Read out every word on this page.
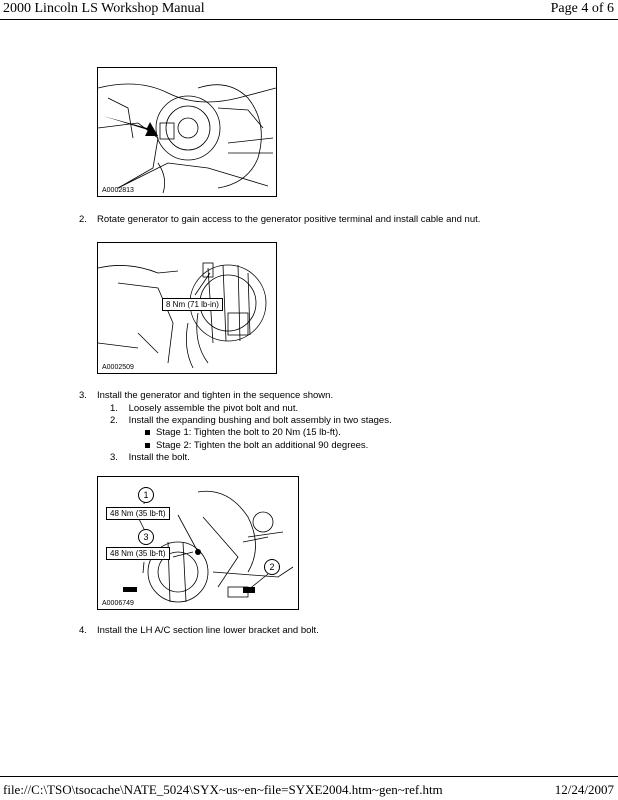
2000 Lincoln LS Workshop Manual	Page 4 of 6
A0002813
2. Rotate generator to gain access to the generator positive terminal and install cable and nut.
8 Nm (71 lb-in)
A0002509
3. Install the generator and tighten in the sequence shown.
1. Loosely assemble the pivot bolt and nut.
2. Install the expanding bushing and bolt assembly in two stages.
Stage 1: Tighten the bolt to 20 Nm (15 lb-ft).
Stage 2: Tighten the bolt an additional 90 degrees.
3. Install the bolt.
1
48 Nm (35 lb-ft)
3
48 Nm (35 lb-ft)
2
A0006749
4. Install the LH A/C section line lower bracket and bolt.
file://C:\TSO\tsocache\NATE_5024\SYX~us~en~file=SYXE2004.htm~gen~ref.htm	12/24/2007
